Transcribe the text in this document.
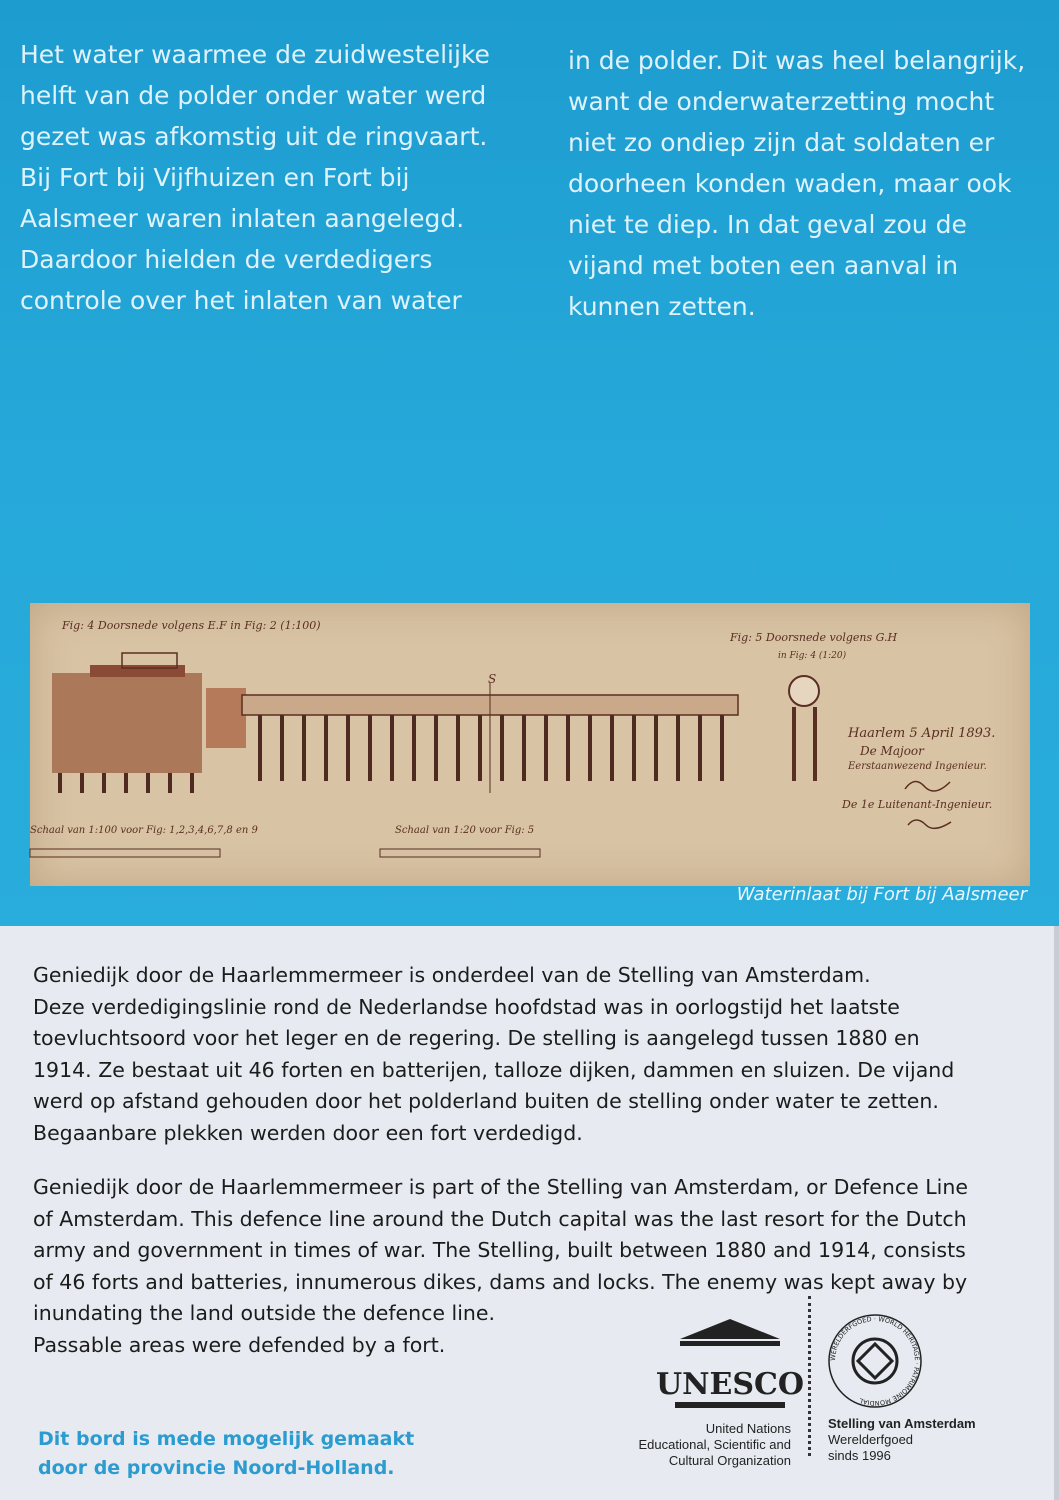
Het water waarmee de zuidwestelijke
helft van de polder onder water werd
gezet was afkomstig uit de ringvaart.
Bij Fort bij Vijfhuizen en Fort bij
Aalsmeer waren inlaten aangelegd.
Daardoor hielden de verdedigers
controle over het inlaten van water
in de polder. Dit was heel belangrijk,
want de onderwaterzetting mocht
niet zo ondiep zijn dat soldaten er
doorheen konden waden, maar ook
niet te diep. In dat geval zou de
vijand met boten een aanval in
kunnen zetten.
Fig: 4 Doorsnede volgens E.F in Fig: 2 (1:100)
Fig: 5 Doorsnede volgens G.H
in Fig: 4 (1:20)
S
Haarlem 5 April 1893.
De Majoor
Eerstaanwezend Ingenieur.
De 1e Luitenant-Ingenieur.
Schaal van 1:100 voor Fig: 1,2,3,4,6,7,8 en 9	Schaal van 1:20 voor Fig: 5
Waterinlaat bij Fort bij Aalsmeer
Geniedijk door de Haarlemmermeer is onderdeel van de Stelling van Amsterdam.
Deze verdedigingslinie rond de Nederlandse hoofdstad was in oorlogstijd het laatste
toevluchtsoord voor het leger en de regering. De stelling is aangelegd tussen 1880 en
1914. Ze bestaat uit 46 forten en batterijen, talloze dijken, dammen en sluizen. De vijand
werd op afstand gehouden door het polderland buiten de stelling onder water te zetten.
Begaanbare plekken werden door een fort verdedigd.
Geniedijk door de Haarlemmermeer is part of the Stelling van Amsterdam, or Defence Line
of Amsterdam. This defence line around the Dutch capital was the last resort for the Dutch
army and government in times of war. The Stelling, built between 1880 and 1914, consists
of 46 forts and batteries, innumerous dikes, dams and locks. The enemy was kept away by
inundating the land outside the defence line.
Passable areas were defended by a fort.
UNESCO
United Nations
Educational, Scientific and
Cultural Organization
WERELDERFGOED · WORLD HERITAGE · PATRIMOINE MONDIAL
Stelling van Amsterdam
Werelderfgoed
sinds 1996
Dit bord is mede mogelijk gemaakt
door de provincie Noord-Holland.
